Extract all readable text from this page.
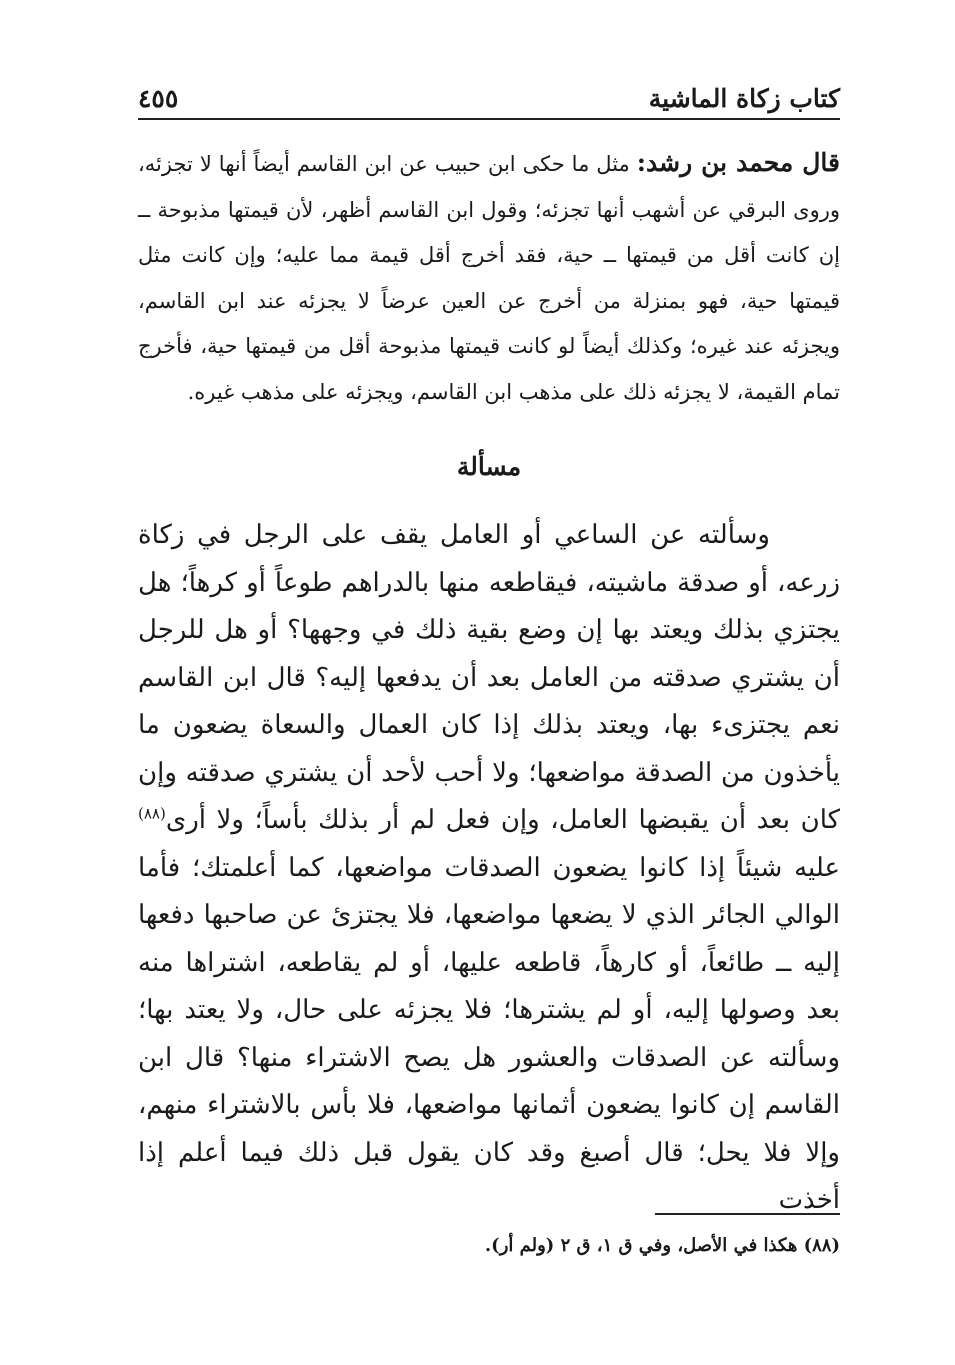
كتاب زكاة الماشية
٤٥٥
قال محمد بن رشد: مثل ما حكى ابن حبيب عن ابن القاسم أيضاً أنها لا تجزئه، وروى البرقي عن أشهب أنها تجزئه؛ وقول ابن القاسم أظهر، لأن قيمتها مذبوحة ــ إن كانت أقل من قيمتها ــ حية، فقد أخرج أقل قيمة مما عليه؛ وإن كانت مثل قيمتها حية، فهو بمنزلة من أخرج عن العين عرضاً لا يجزئه عند ابن القاسم، ويجزئه عند غيره؛ وكذلك أيضاً لو كانت قيمتها مذبوحة أقل من قيمتها حية، فأخرج تمام القيمة، لا يجزئه ذلك على مذهب ابن القاسم، ويجزئه على مذهب غيره.
مسألة
وسألته عن الساعي أو العامل يقف على الرجل في زكاة زرعه، أو صدقة ماشيته، فيقاطعه منها بالدراهم طوعاً أو كرهاً؛ هل يجتزي بذلك ويعتد بها إن وضع بقية ذلك في وجهها؟ أو هل للرجل أن يشتري صدقته من العامل بعد أن يدفعها إليه؟ قال ابن القاسم نعم يجتزىء بها، ويعتد بذلك إذا كان العمال والسعاة يضعون ما يأخذون من الصدقة مواضعها؛ ولا أحب لأحد أن يشتري صدقته وإن كان بعد أن يقبضها العامل، وإن فعل لم أر بذلك بأساً؛ ولا أرى$^{(٨٨)}$ عليه شيئاً إذا كانوا يضعون الصدقات مواضعها، كما أعلمتك؛ فأما الوالي الجائر الذي لا يضعها مواضعها، فلا يجتزئ عن صاحبها دفعها إليه ــ طائعاً، أو كارهاً، قاطعه عليها، أو لم يقاطعه، اشتراها منه بعد وصولها إليه، أو لم يشترها؛ فلا يجزئه على حال، ولا يعتد بها؛ وسألته عن الصدقات والعشور هل يصح الاشتراء منها؟ قال ابن القاسم إن كانوا يضعون أثمانها مواضعها، فلا بأس بالاشتراء منهم، وإلا فلا يحل؛ قال أصبغ وقد كان يقول قبل ذلك فيما أعلم إذا أخذت
(٨٨) هكذا في الأصل، وفي ق ١، ق ٢ (ولم أر).
